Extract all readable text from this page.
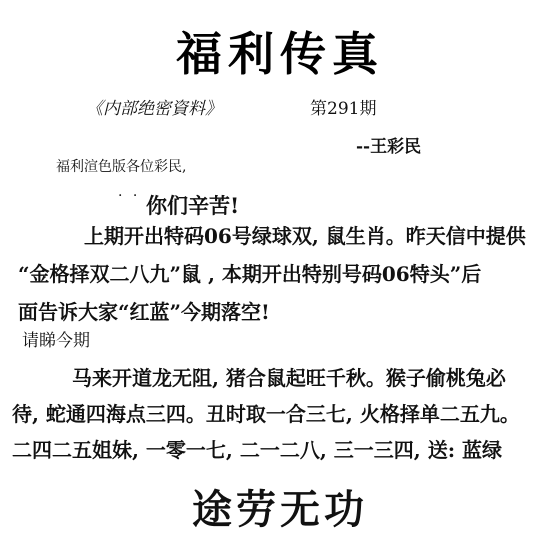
福利传真
《内部绝密資料》	第291期
--王彩民
福利渲色版各位彩民,
· · 你们辛苦!
上期开出特码06号绿球双, 鼠生肖。昨天信中提供
“金格择双二八九”鼠 , 本期开出特别号码06特头”后
面告诉大家“红蓝”今期落空!
请睇今期
马来开道龙无阻, 猪合鼠起旺千秋。猴子偷桃兔必
待, 蛇通四海点三四。丑时取一合三七, 火格择单二五九。
二四二五姐妹, 一零一七, 二一二八, 三一三四, 送: 蓝绿
途劳无功
